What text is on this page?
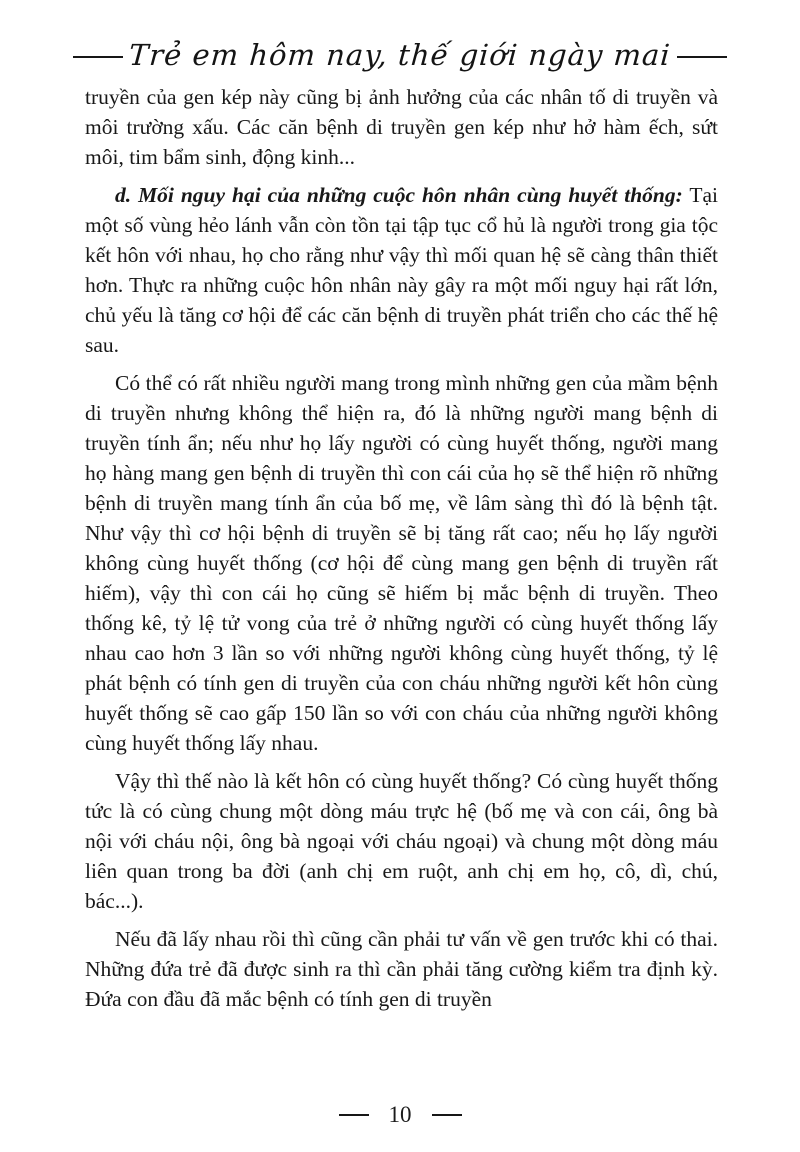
Trẻ em hôm nay, thế giới ngày mai

truyền của gen kép này cũng bị ảnh hưởng của các nhân tố di truyền và môi trường xấu. Các căn bệnh di truyền gen kép như hở hàm ếch, sứt môi, tim bẩm sinh, động kinh...

d. Mối nguy hại của những cuộc hôn nhân cùng huyết thống: Tại một số vùng hẻo lánh vẫn còn tồn tại tập tục cổ hủ là người trong gia tộc kết hôn với nhau, họ cho rằng như vậy thì mối quan hệ sẽ càng thân thiết hơn. Thực ra những cuộc hôn nhân này gây ra một mối nguy hại rất lớn, chủ yếu là tăng cơ hội để các căn bệnh di truyền phát triển cho các thế hệ sau.

Có thể có rất nhiều người mang trong mình những gen của mầm bệnh di truyền nhưng không thể hiện ra, đó là những người mang bệnh di truyền tính ẩn; nếu như họ lấy người có cùng huyết thống, người mang họ hàng mang gen bệnh di truyền thì con cái của họ sẽ thể hiện rõ những bệnh di truyền mang tính ẩn của bố mẹ, về lâm sàng thì đó là bệnh tật. Như vậy thì cơ hội bệnh di truyền sẽ bị tăng rất cao; nếu họ lấy người không cùng huyết thống (cơ hội để cùng mang gen bệnh di truyền rất hiếm), vậy thì con cái họ cũng sẽ hiếm bị mắc bệnh di truyền. Theo thống kê, tỷ lệ tử vong của trẻ ở những người có cùng huyết thống lấy nhau cao hơn 3 lần so với những người không cùng huyết thống, tỷ lệ phát bệnh có tính gen di truyền của con cháu những người kết hôn cùng huyết thống sẽ cao gấp 150 lần so với con cháu của những người không cùng huyết thống lấy nhau.

Vậy thì thế nào là kết hôn có cùng huyết thống? Có cùng huyết thống tức là có cùng chung một dòng máu trực hệ (bố mẹ và con cái, ông bà nội với cháu nội, ông bà ngoại với cháu ngoại) và chung một dòng máu liên quan trong ba đời (anh chị em ruột, anh chị em họ, cô, dì, chú, bác...).

Nếu đã lấy nhau rồi thì cũng cần phải tư vấn về gen trước khi có thai. Những đứa trẻ đã được sinh ra thì cần phải tăng cường kiểm tra định kỳ. Đứa con đầu đã mắc bệnh có tính gen di truyền

10
